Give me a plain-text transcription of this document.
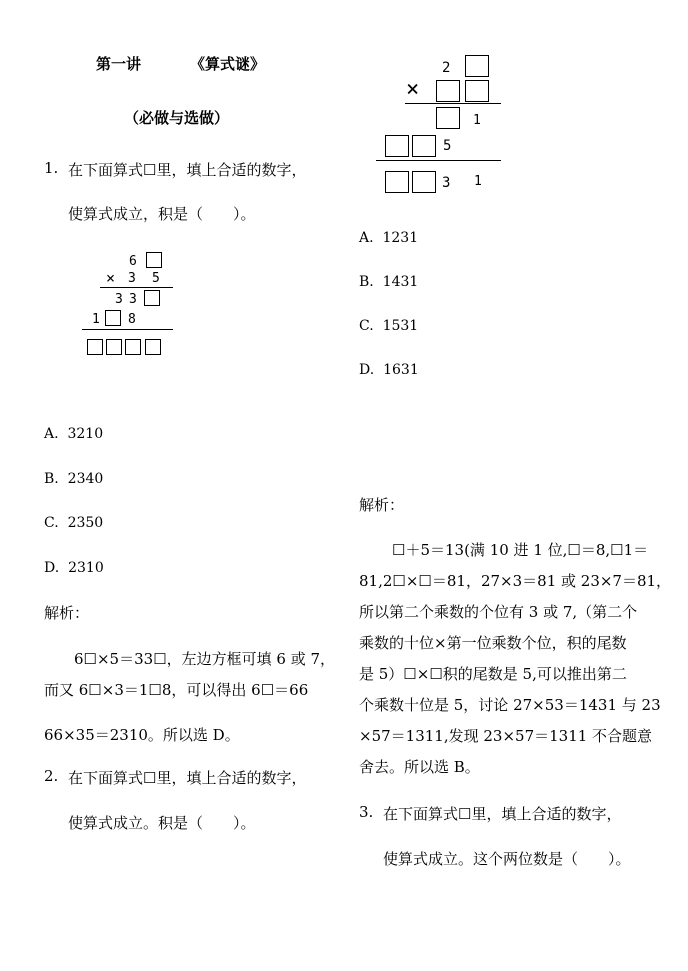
第一讲	《算式谜》
（必做与选做）
1. 在下面算式☐里，填上合适的数字，
使算式成立，积是（　　）。
6
× 3 5
3 3
1 8
A. 3210
B. 2340
C. 2350
D. 2310
解析：
6☐×5＝33☐，左边方框可填 6 或 7，
而又 6☐×3＝1☐8，可以得出 6☐＝66
66×35＝2310。所以选 D。
2. 在下面算式☐里，填上合适的数字，
使算式成立。积是（　　）。
2
×
1
5
3 1
A. 1231
B. 1431
C. 1531
D. 1631
解析：
☐＋5＝13(满 10 进 1 位,☐＝8,☐1＝
81,2☐×☐＝81，27×3＝81 或 23×7＝81，
所以第二个乘数的个位有 3 或 7,（第二个
乘数的十位×第一位乘数个位，积的尾数
是 5）☐×☐积的尾数是 5,可以推出第二
个乘数十位是 5，讨论 27×53＝1431 与 23
×57＝1311,发现 23×57＝1311 不合题意
舍去。所以选 B。
3. 在下面算式☐里，填上合适的数字，
使算式成立。这个两位数是（　　）。
